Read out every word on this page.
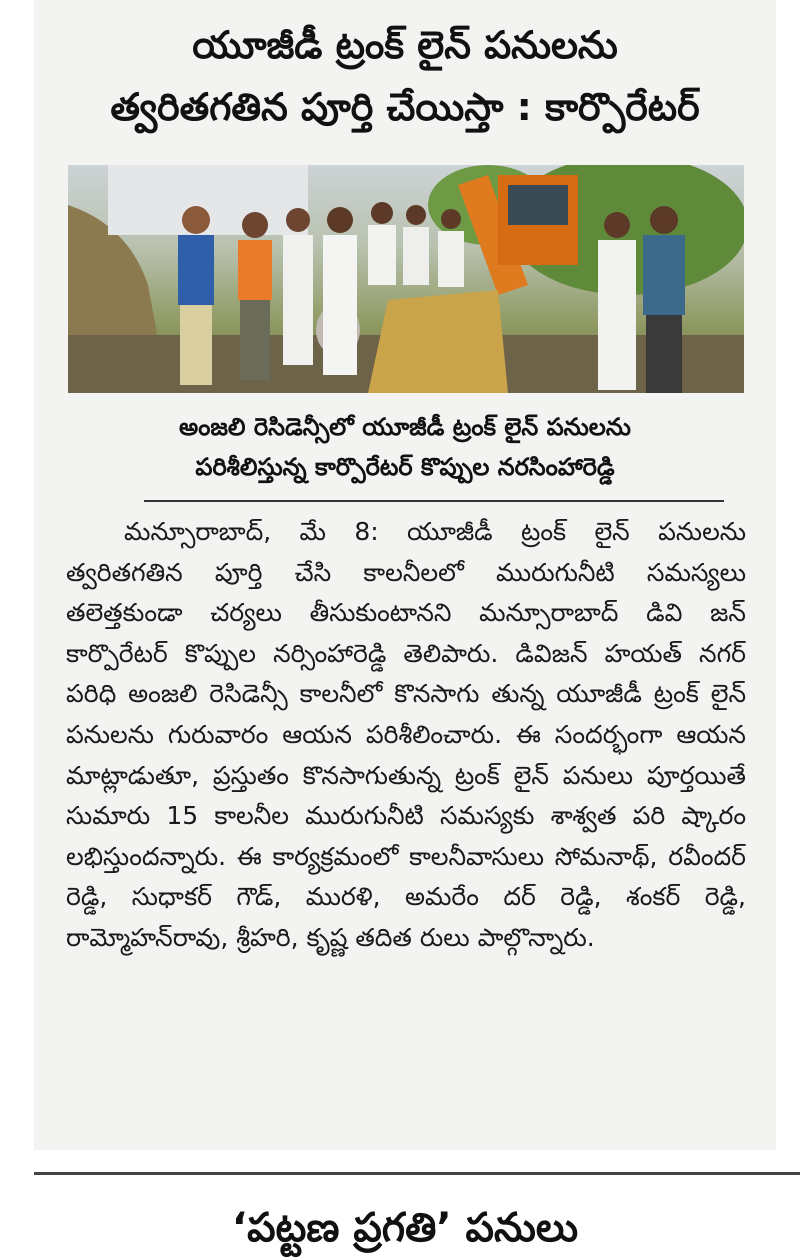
యూజీడీ ట్రంక్ లైన్ పనులను
త్వరితగతిన పూర్తి చేయిస్తా : కార్పొరేటర్
అంజలి రెసిడెన్సీలో యూజీడీ ట్రంక్ లైన్ పనులను
పరిశీలిస్తున్న కార్పొరేటర్ కొప్పుల నరసింహారెడ్డి
మన్సూరాబాద్, మే 8: యూజీడీ ట్రంక్ లైన్ పనులను త్వరితగతిన పూర్తి చేసి కాలనీలలో మురుగునీటి సమస్యలు తలెత్తకుండా చర్యలు తీసుకుంటానని మన్సూరాబాద్ డివి జన్ కార్పొరేటర్ కొప్పుల నర్సింహారెడ్డి తెలిపారు. డివిజన్ హయత్ నగర్ పరిధి అంజలి రెసిడెన్సీ కాలనీలో కొనసాగు తున్న యూజీడీ ట్రంక్ లైన్ పనులను గురువారం ఆయన పరిశీలించారు. ఈ సందర్భంగా ఆయన మాట్లాడుతూ, ప్రస్తుతం కొనసాగుతున్న ట్రంక్ లైన్ పనులు పూర్తయితే సుమారు 15 కాలనీల మురుగునీటి సమస్యకు శాశ్వత పరి ష్కారం లభిస్తుందన్నారు. ఈ కార్యక్రమంలో కాలనీవాసులు సోమనాథ్, రవీందర్ రెడ్డి, సుధాకర్ గౌడ్, మురళి, అమరేం దర్ రెడ్డి, శంకర్ రెడ్డి, రామ్మోహన్‌రావు, శ్రీహరి, కృష్ణ తదిత రులు పాల్గొన్నారు.
‘పట్టణ ప్రగతి’ పనులు
